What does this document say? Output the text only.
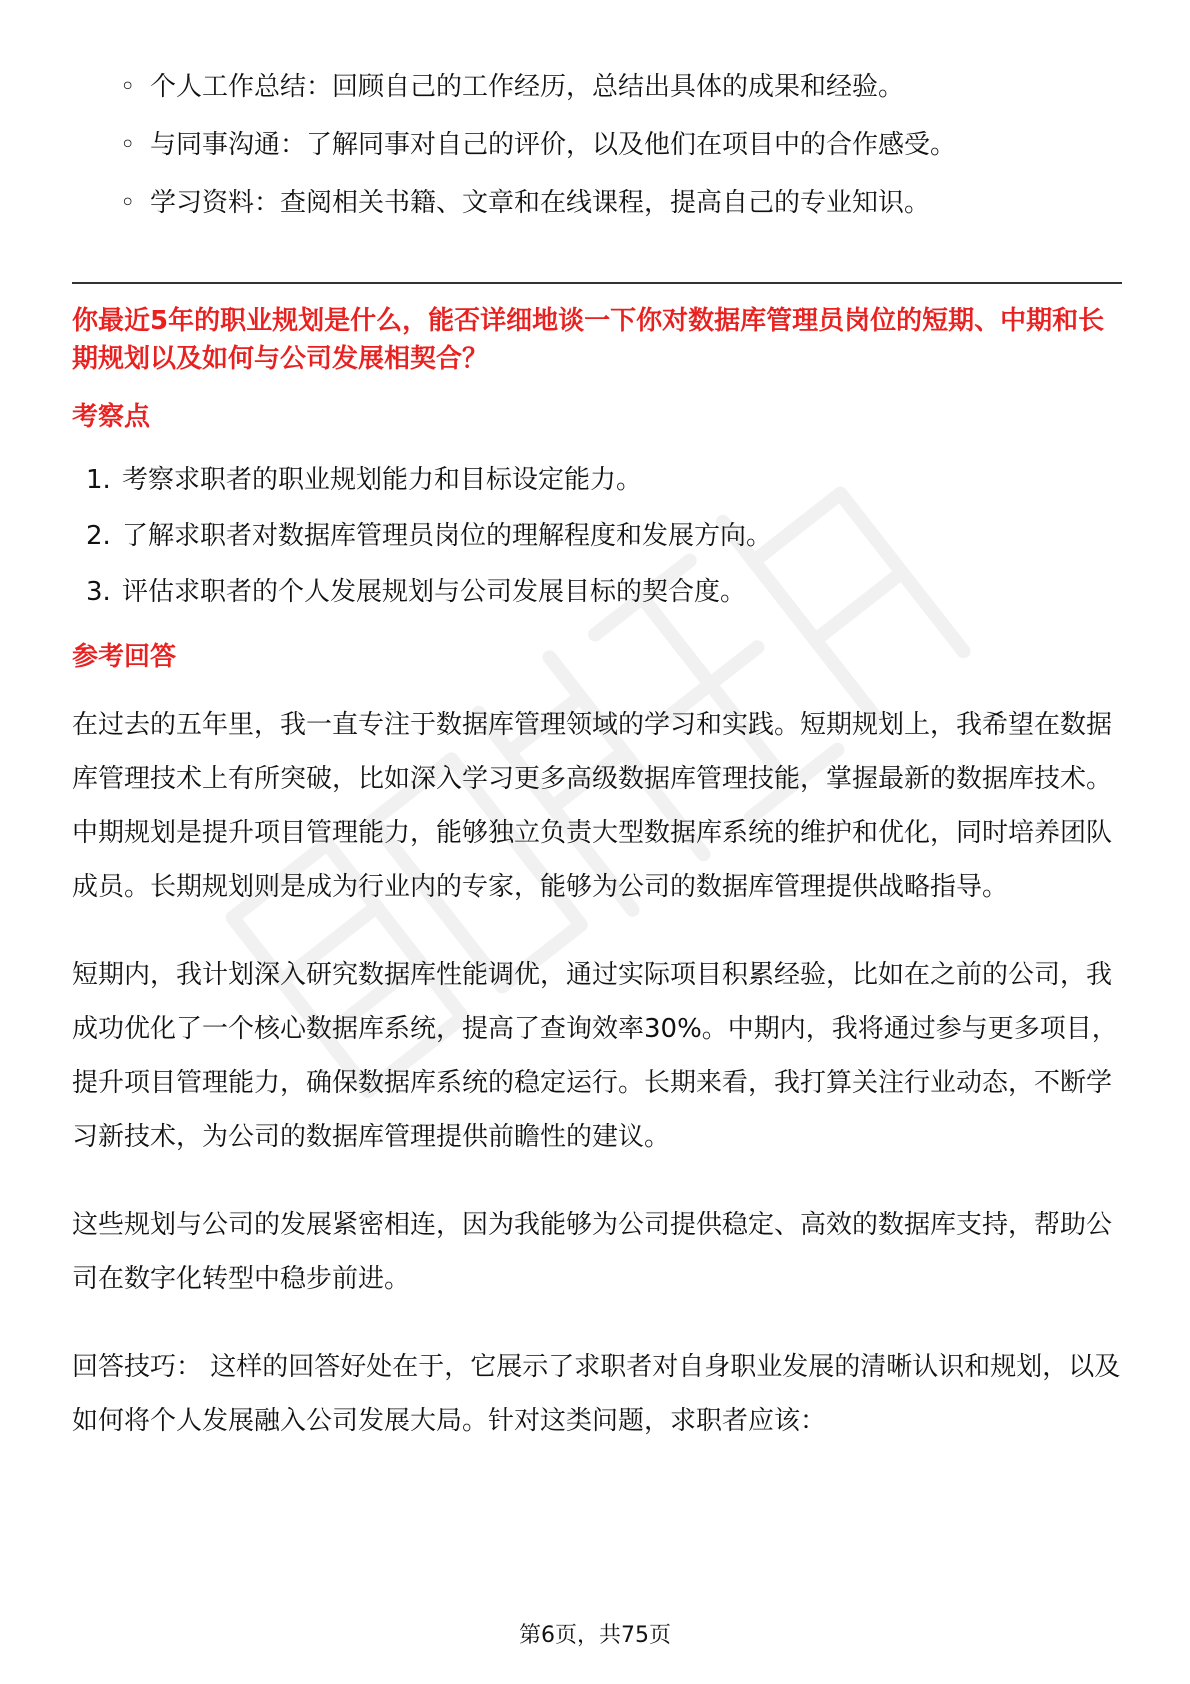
◦ 个人工作总结：回顾自己的工作经历，总结出具体的成果和经验。
◦ 与同事沟通：了解同事对自己的评价，以及他们在项目中的合作感受。
◦ 学习资料：查阅相关书籍、文章和在线课程，提高自己的专业知识。
你最近5年的职业规划是什么，能否详细地谈一下你对数据库管理员岗位的短期、中期和长期规划以及如何与公司发展相契合？
考察点
1. 考察求职者的职业规划能力和目标设定能力。
2. 了解求职者对数据库管理员岗位的理解程度和发展方向。
3. 评估求职者的个人发展规划与公司发展目标的契合度。
参考回答

在过去的五年里，我一直专注于数据库管理领域的学习和实践。短期规划上，我希望在数据库管理技术上有所突破，比如深入学习更多高级数据库管理技能，掌握最新的数据库技术。中期规划是提升项目管理能力，能够独立负责大型数据库系统的维护和优化，同时培养团队成员。长期规划则是成为行业内的专家，能够为公司的数据库管理提供战略指导。

短期内，我计划深入研究数据库性能调优，通过实际项目积累经验，比如在之前的公司，我成功优化了一个核心数据库系统，提高了查询效率30%。中期内，我将通过参与更多项目，提升项目管理能力，确保数据库系统的稳定运行。长期来看，我打算关注行业动态，不断学习新技术，为公司的数据库管理提供前瞻性的建议。

这些规划与公司的发展紧密相连，因为我能够为公司提供稳定、高效的数据库支持，帮助公司在数字化转型中稳步前进。

回答技巧： 这样的回答好处在于，它展示了求职者对自身职业发展的清晰认识和规划，以及如何将个人发展融入公司发展大局。针对这类问题，求职者应该：

第6页，共75页
